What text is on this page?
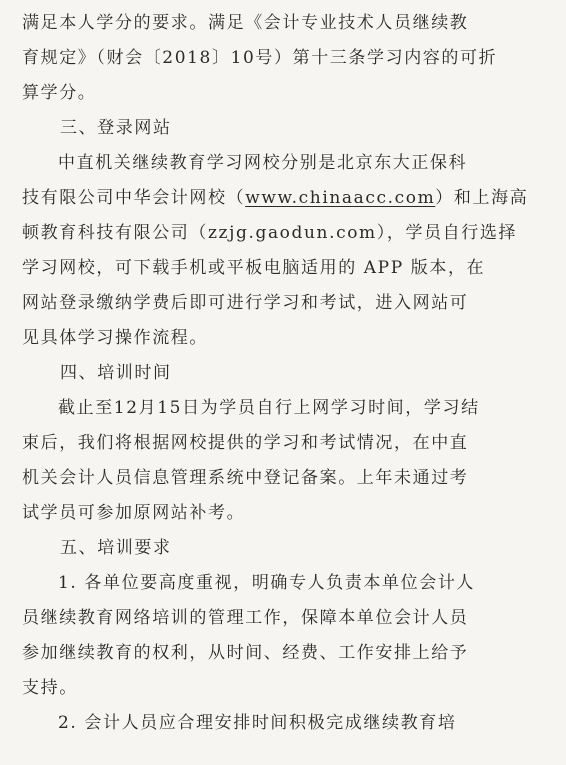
满足本人学分的要求。满足《会计专业技术人员继续教
育规定》（财会〔2018〕10号）第十三条学习内容的可折
算学分。
三、登录网站
中直机关继续教育学习网校分别是北京东大正保科
技有限公司中华会计网校（www.chinaacc.com）和上海高
顿教育科技有限公司（zzjg.gaodun.com），学员自行选择
学习网校，可下载手机或平板电脑适用的 APP 版本，在
网站登录缴纳学费后即可进行学习和考试，进入网站可
见具体学习操作流程。
四、培训时间
截止至12月15日为学员自行上网学习时间，学习结
束后，我们将根据网校提供的学习和考试情况，在中直
机关会计人员信息管理系统中登记备案。上年未通过考
试学员可参加原网站补考。
五、培训要求
1. 各单位要高度重视，明确专人负责本单位会计人
员继续教育网络培训的管理工作，保障本单位会计人员
参加继续教育的权利，从时间、经费、工作安排上给予
支持。
2. 会计人员应合理安排时间积极完成继续教育培
